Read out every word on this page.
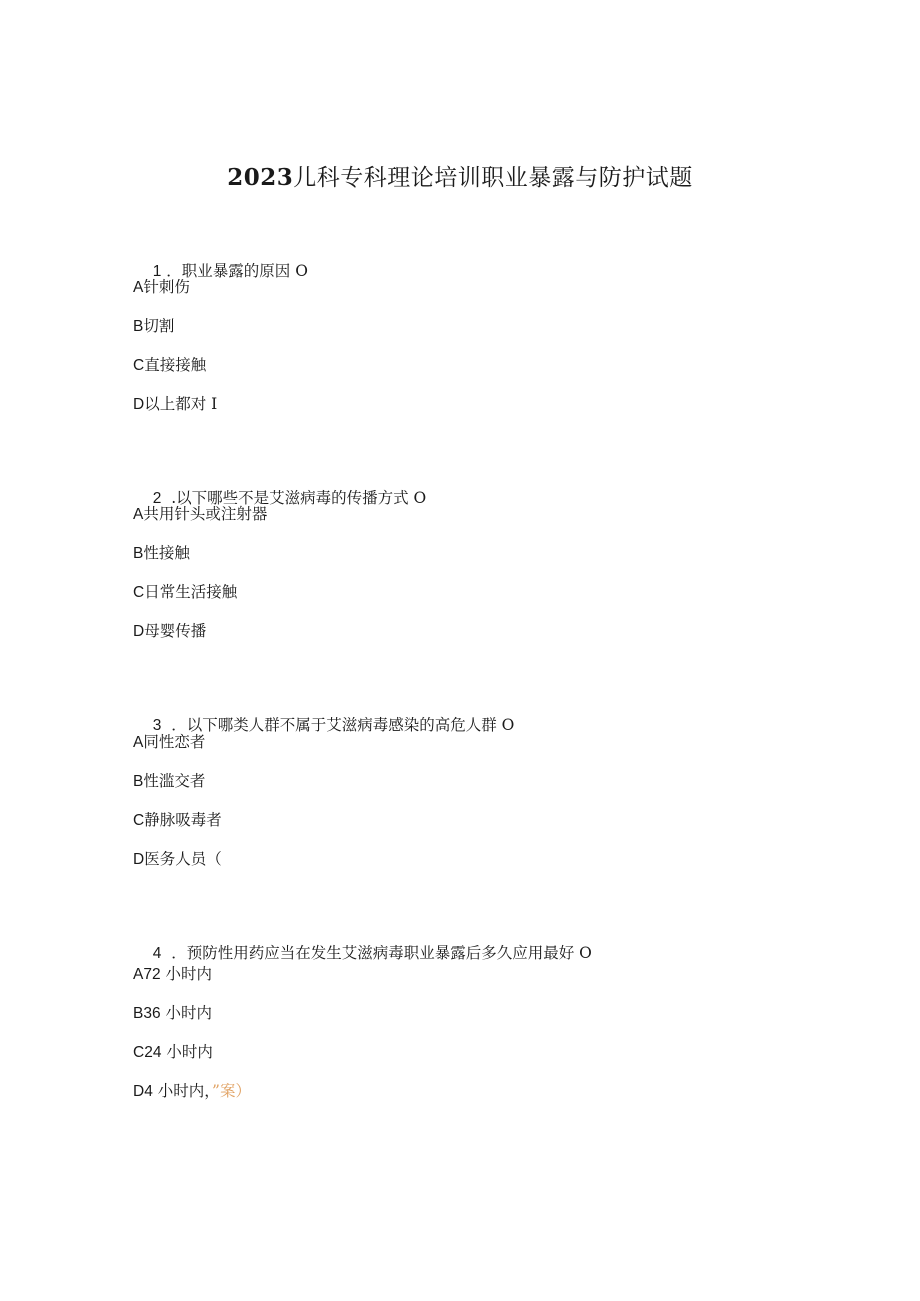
2023儿科专科理论培训职业暴露与防护试题

1 ．职业暴露的原因 O

A针刺伤
B切割
C直接接触
D以上都对 I

2 .以下哪些不是艾滋病毒的传播方式 O

A共用针头或注射器
B性接触
C日常生活接触
D母婴传播

3 ．以下哪类人群不属于艾滋病毒感染的高危人群 O

A同性恋者
B性滥交者
C静脉吸毒者
D医务人员（

4 ．预防性用药应当在发生艾滋病毒职业暴露后多久应用最好 O

A72 小时内
B36 小时内
C24 小时内
D4 小时内，”案）
